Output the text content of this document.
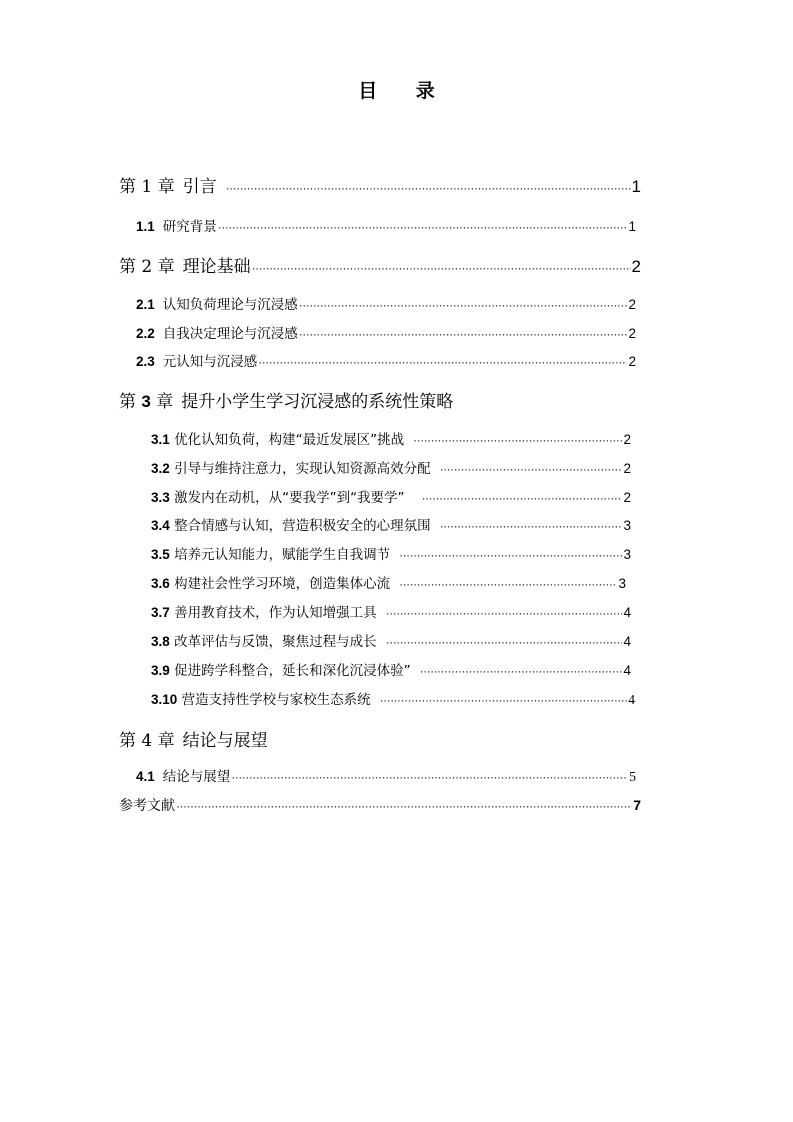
目 录
第 1 章 引言 ·····	1
1.1 研究背景 ·····	1
第 2 章 理论基础 ·····	2
2.1 认知负荷理论与沉浸感 ·····	2
2.2 自我决定理论与沉浸感 ·····	2
2.3 元认知与沉浸感 ·····	2
第 3 章 提升小学生学习沉浸感的系统性策略
3.1 优化认知负荷，构建“最近发展区”挑战 ·····	2
3.2 引导与维持注意力，实现认知资源高效分配 ·····	2
3.3 激发内在动机，从“要我学”到“我要学” ·····	2
3.4 整合情感与认知，营造积极安全的心理氛围 ·····	3
3.5 培养元认知能力，赋能学生自我调节 ·····	3
3.6 构建社会性学习环境，创造集体心流 ·····	3
3.7 善用教育技术，作为认知增强工具 ·····	4
3.8 改革评估与反馈，聚焦过程与成长 ·····	4
3.9 促进跨学科整合，延长和深化沉浸体验” ·····	4
3.10 营造支持性学校与家校生态系统 ·····	4
第 4 章 结论与展望
4.1 结论与展望 ·····	5
参考文献 ·····	7
